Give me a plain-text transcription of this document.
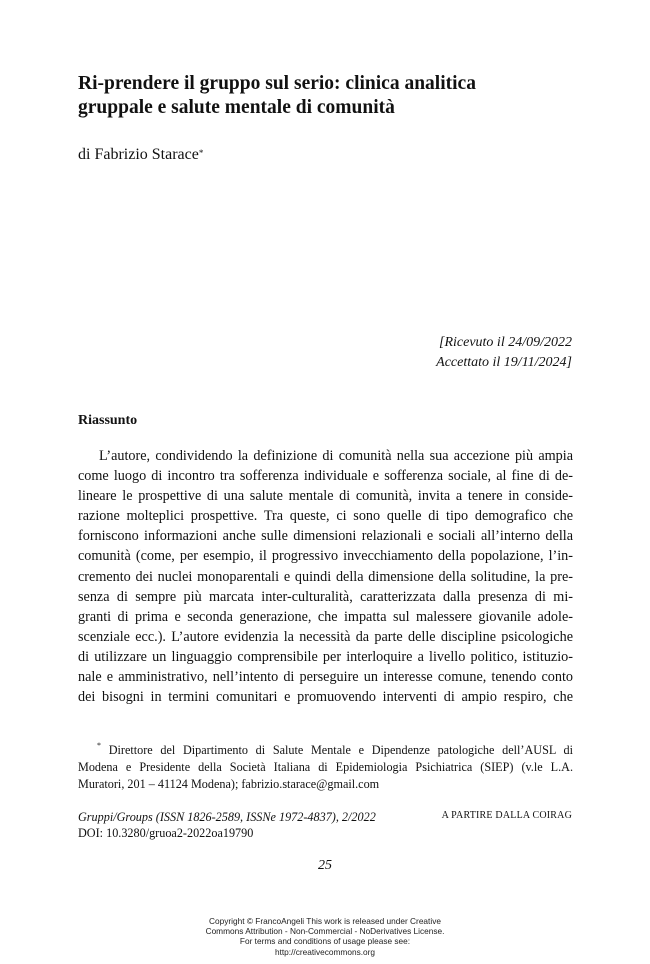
Ri-prendere il gruppo sul serio: clinica analitica
gruppale e salute mentale di comunità
di Fabrizio Starace*
[Ricevuto il 24/09/2022
Accettato il 19/11/2024]
Riassunto
L’autore, condividendo la definizione di comunità nella sua accezione più ampia
come luogo di incontro tra sofferenza individuale e sofferenza sociale, al fine di de-
lineare le prospettive di una salute mentale di comunità, invita a tenere in conside-
razione molteplici prospettive. Tra queste, ci sono quelle di tipo demografico che
forniscono informazioni anche sulle dimensioni relazionali e sociali all’interno della
comunità (come, per esempio, il progressivo invecchiamento della popolazione, l’in-
cremento dei nuclei monoparentali e quindi della dimensione della solitudine, la pre-
senza di sempre più marcata inter-culturalità, caratterizzata dalla presenza di mi-
granti di prima e seconda generazione, che impatta sul malessere giovanile adole-
scenziale ecc.). L’autore evidenzia la necessità da parte delle discipline psicologiche
di utilizzare un linguaggio comprensibile per interloquire a livello politico, istituzio-
nale e amministrativo, nell’intento di perseguire un interesse comune, tenendo conto
dei bisogni in termini comunitari e promuovendo interventi di ampio respiro, che
* Direttore del Dipartimento di Salute Mentale e Dipendenze patologiche dell’AUSL di
Modena e Presidente della Società Italiana di Epidemiologia Psichiatrica (SIEP) (v.le L.A.
Muratori, 201 – 41124 Modena); fabrizio.starace@gmail.com
Gruppi/Groups (ISSN 1826-2589, ISSNe 1972-4837), 2/2022
DOI: 10.3280/gruoa2-2022oa19790
A PARTIRE DALLA COIRAG
25
Copyright © FrancoAngeli This work is released under Creative
Commons Attribution - Non-Commercial - NoDerivatives License.
For terms and conditions of usage please see:
http://creativecommons.org
